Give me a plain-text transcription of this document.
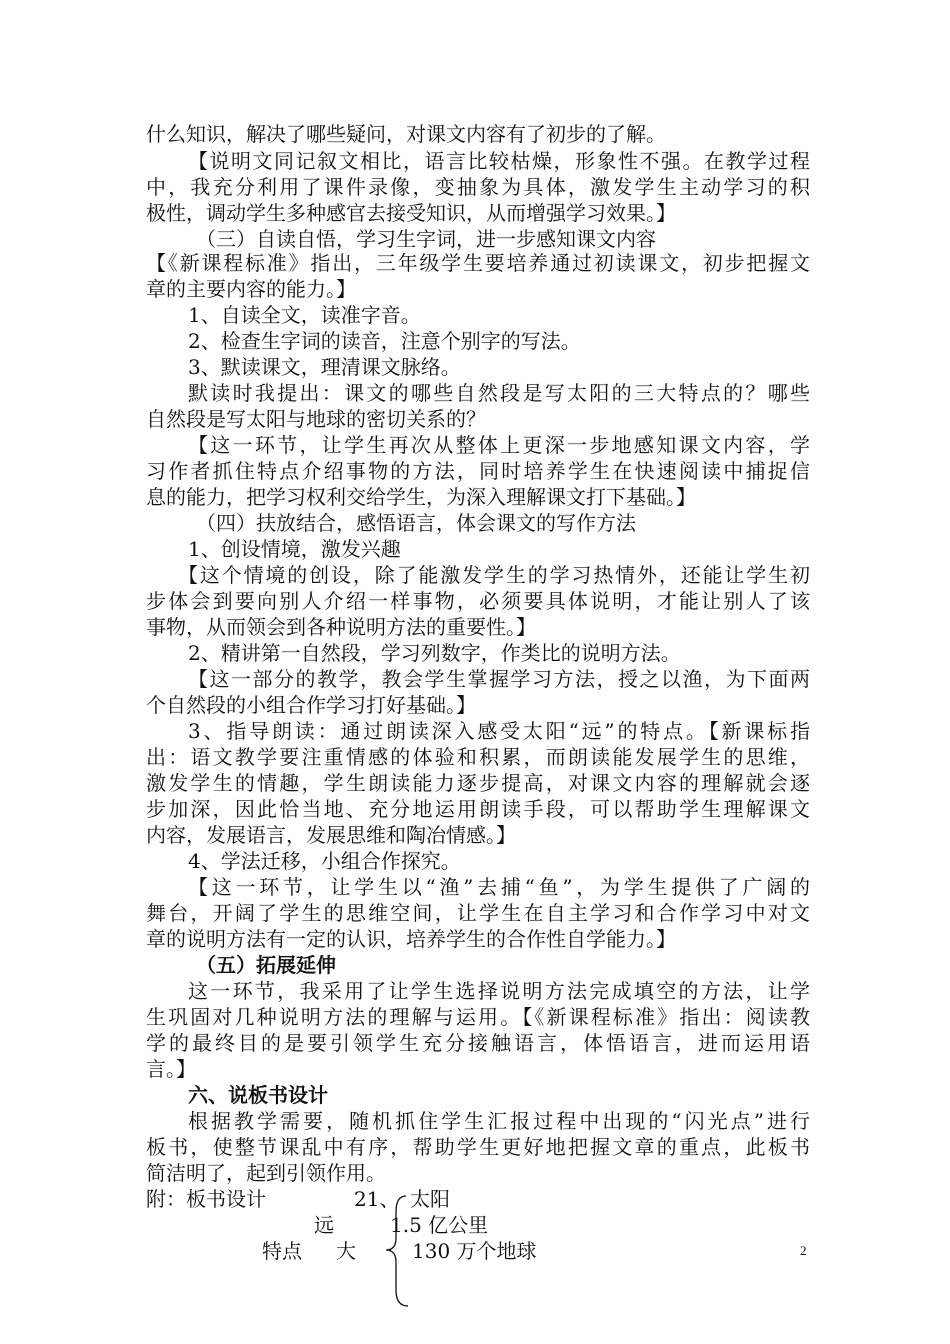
什么知识，解决了哪些疑问，对课文内容有了初步的了解。
【说明文同记叙文相比，语言比较枯燥，形象性不强。在教学过程
中，我充分利用了课件录像，变抽象为具体，激发学生主动学习的积
极性，调动学生多种感官去接受知识，从而增强学习效果。】
（三）自读自悟，学习生字词，进一步感知课文内容
【《新课程标准》指出，三年级学生要培养通过初读课文，初步把握文
章的主要内容的能力。】
1、自读全文，读准字音。
2、检查生字词的读音，注意个别字的写法。
3、默读课文，理清课文脉络。
默读时我提出：课文的哪些自然段是写太阳的三大特点的？哪些
自然段是写太阳与地球的密切关系的？
【这一环节，让学生再次从整体上更深一步地感知课文内容，学
习作者抓住特点介绍事物的方法，同时培养学生在快速阅读中捕捉信
息的能力，把学习权利交给学生，为深入理解课文打下基础。】
（四）扶放结合，感悟语言，体会课文的写作方法
1、创设情境，激发兴趣
【这个情境的创设，除了能激发学生的学习热情外，还能让学生初
步体会到要向别人介绍一样事物，必须要具体说明，才能让别人了该
事物，从而领会到各种说明方法的重要性。】
2、精讲第一自然段，学习列数字，作类比的说明方法。
【这一部分的教学，教会学生掌握学习方法，授之以渔，为下面两
个自然段的小组合作学习打好基础。】
3、指导朗读：通过朗读深入感受太阳“远”的特点。【新课标指
出：语文教学要注重情感的体验和积累，而朗读能发展学生的思维，
激发学生的情趣，学生朗读能力逐步提高，对课文内容的理解就会逐
步加深，因此恰当地、充分地运用朗读手段，可以帮助学生理解课文
内容，发展语言，发展思维和陶冶情感。】
4、学法迁移，小组合作探究。
【这一环节，让学生以“渔”去捕“鱼”，为学生提供了广阔的
舞台，开阔了学生的思维空间，让学生在自主学习和合作学习中对文
章的说明方法有一定的认识，培养学生的合作性自学能力。】
（五）拓展延伸
这一环节，我采用了让学生选择说明方法完成填空的方法，让学
生巩固对几种说明方法的理解与运用。【《新课程标准》指出：阅读教
学的最终目的是要引领学生充分接触语言，体悟语言，进而运用语
言。】
六、说板书设计
根据教学需要，随机抓住学生汇报过程中出现的“闪光点”进行
板书，使整节课乱中有序，帮助学生更好地把握文章的重点，此板书
简洁明了，起到引领作用。
附：板书设计	21、 太阳
远	1.5 亿公里
特点 大	130 万个地球	2
